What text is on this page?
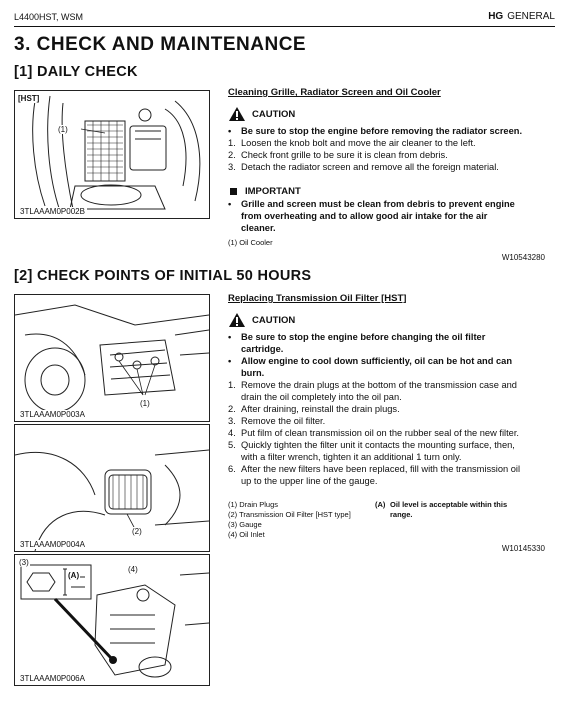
L4400HST, WSM	HG GENERAL
3. CHECK AND MAINTENANCE
[1] DAILY CHECK
[HST]
(1)
3TLAAAM0P002B
Cleaning Grille, Radiator Screen and Oil Cooler
CAUTION
•	Be sure to stop the engine before removing the radiator screen.
1. Loosen the knob bolt and move the air cleaner to the left.
2. Check front grille to be sure it is clean from debris.
3. Detach the radiator screen and remove all the foreign material.
IMPORTANT
•	Grille and screen must be clean from debris to prevent engine from overheating and to allow good air intake for the air cleaner.
(1) Oil Cooler
W10543280
[2] CHECK POINTS OF INITIAL 50 HOURS
(1)
3TLAAAM0P003A
(2)
3TLAAAM0P004A
(3)
(4)
(A)
3TLAAAM0P006A
Replacing Transmission Oil Filter [HST]
CAUTION
•	Be sure to stop the engine before changing the oil filter cartridge.
•	Allow engine to cool down sufficiently, oil can be hot and can burn.
1. Remove the drain plugs at the bottom of the transmission case and drain the oil completely into the oil pan.
2. After draining, reinstall the drain plugs.
3. Remove the oil filter.
4. Put film of clean transmission oil on the rubber seal of the new filter.
5. Quickly tighten the filter unit it contacts the mounting surface, then, with a filter wrench, tighten it an additional 1 turn only.
6. After the new filters have been replaced, fill with the transmission oil up to the upper line of the gauge.
(1) Drain Plugs
(2) Transmission Oil Filter [HST type]
(3) Gauge
(4) Oil Inlet
(A) Oil level is acceptable within this range.
W10145330
